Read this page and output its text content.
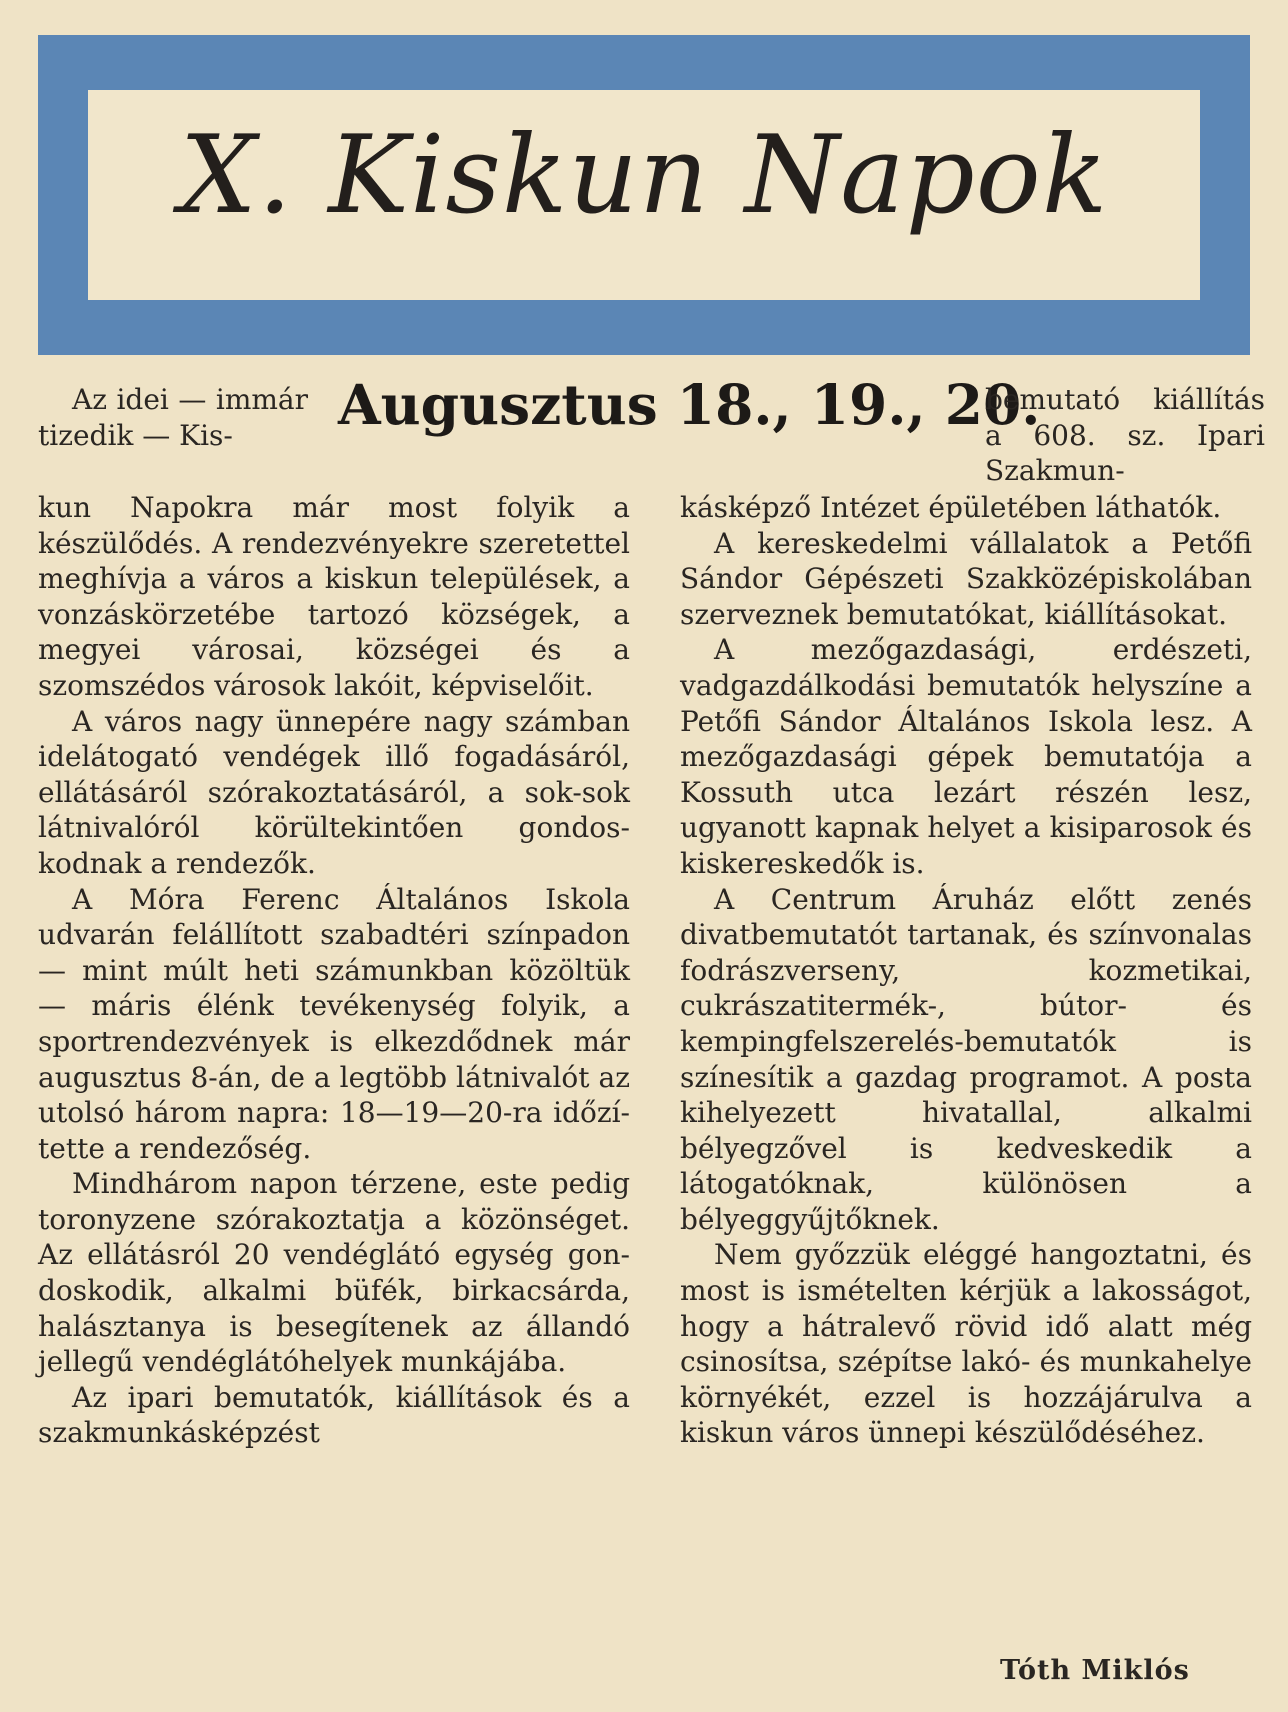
X. Kiskun Napok
Augusztus 18., 19., 20.

Az idei — immár tizedik — Kis-

kun Napokra már most folyik a készülődés. A rendezvényekre szeretettel meghívja a város a kiskun települések, a vonzáskörzetébe tartozó községek, a megyei városai, községei és a szomszédos városok lakóit, képviselőit.

A város nagy ünnepére nagy számban idelátogató vendégek illő fogadásáról, ellátásáról szórakoztatásáról, a sok-sok látnivalóról körültekintően gondoskodnak a rendezők.

A Móra Ferenc Általános Iskola udvarán felállított szabadtéri színpadon — mint múlt heti számunkban közöltük — máris élénk tevékenység folyik, a sportrendezvények is elkezdődnek már augusztus 8-án, de a legtöbb látnivalót az utolsó három napra: 18—19—20-ra időzítette a rendezőség.

Mindhárom napon térzene, este pedig toronyzene szórakoztatja a közönséget. Az ellátásról 20 vendéglátó egység gondoskodik, alkalmi büfék, birkacsárda, halásztanya is besegítenek az állandó jellegű vendéglátóhelyek munkájába.

Az ipari bemutatók, kiállítások és a szakmunkásképzést

bemutató kiállítás a 608. sz. Ipari Szakmun-

kásképző Intézet épületében láthatók.

A kereskedelmi vállalatok a Petőfi Sándor Gépészeti Szakközépiskolában szerveznek bemutatókat, kiállításokat.

A mezőgazdasági, erdészeti, vadgazdálkodási bemutatók helyszíne a Petőfi Sándor Általános Iskola lesz. A mezőgazdasági gépek bemutatója a Kossuth utca lezárt részén lesz, ugyanott kapnak helyet a kisiparosok és kiskereskedők is.

A Centrum Áruház előtt zenés divatbemutatót tartanak, és színvonalas fodrászverseny, kozmetikai, cukrászatitermék-, bútor- és kempingfelszerelés-bemutatók is színesítik a gazdag programot. A posta kihelyezett hivatallal, alkalmi bélyegzővel is kedveskedik a látogatóknak, különösen a bélyeggyűjtőknek.

Nem győzzük eléggé hangoztatni, és most is ismételten kérjük a lakosságot, hogy a hátralevő rövid idő alatt még csinosítsa, szépítse lakó- és munkahelye környékét, ezzel is hozzájárulva a kiskun város ünnepi készülődéséhez.

Tóth Miklós
